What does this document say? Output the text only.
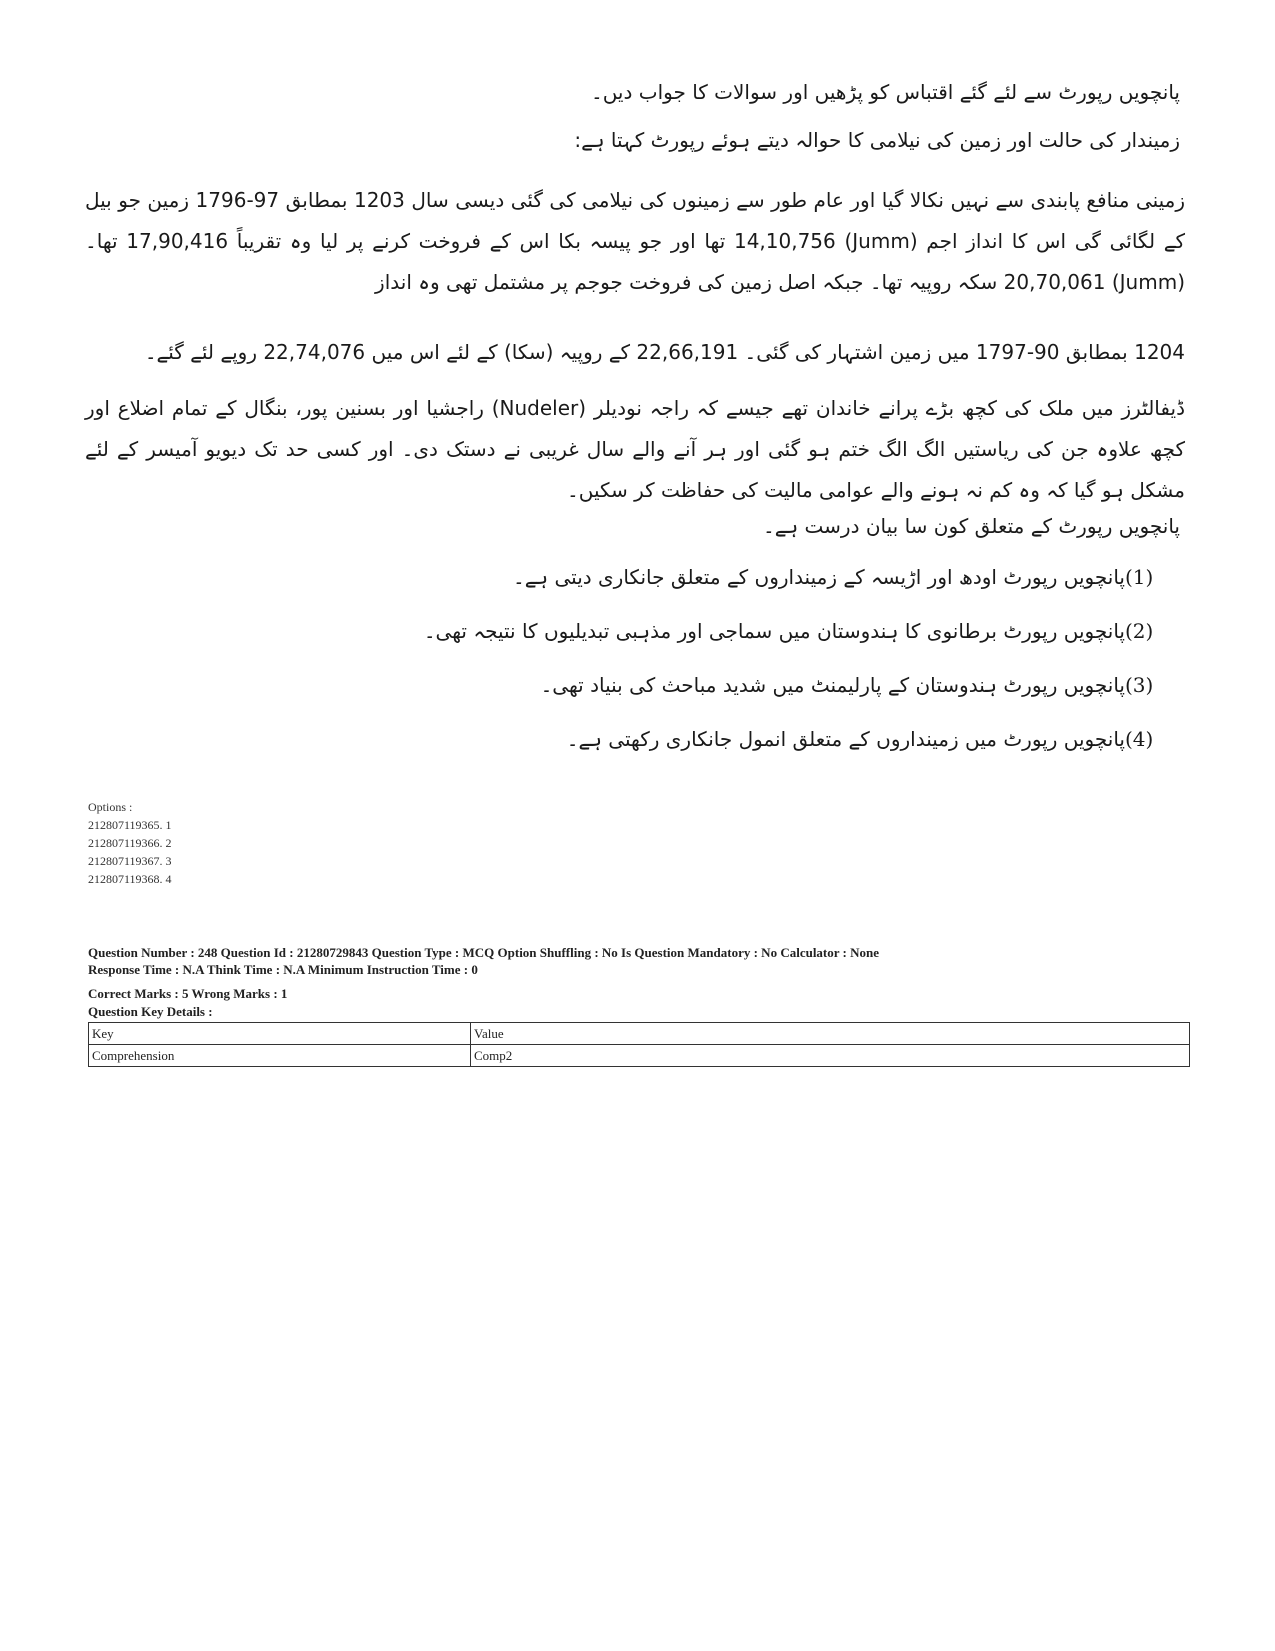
پانچویں رپورٹ سے لئے گئے اقتباس کو پڑھیں اور سوالات کا جواب دیں۔
زمیندار کی حالت اور زمین کی نیلامی کا حوالہ دیتے ہوئے رپورٹ کہتا ہے:
زمینی منافع پابندی سے نہیں نکالا گیا اور عام طور سے زمینوں کی نیلامی کی گئی دیسی سال 1203 بمطابق 97-1796 زمین جو بیل کے لگائی گی اس کا انداز اجم (Jumm) 14,10,756 تھا اور جو پیسہ بکا اس کے فروخت کرنے پر لیا وہ تقریباً 17,90,416 تھا۔ (Jumm) 20,70,061 سکہ روپیہ تھا۔ جبکہ اصل زمین کی فروخت جوجم پر مشتمل تھی وہ انداز
1204 بمطابق 90-1797 میں زمین اشتہار کی گئی۔ 22,66,191 کے روپیہ (سکا) کے لئے اس میں 22,74,076 روپے لئے گئے۔
ڈیفالٹرز میں ملک کی کچھ بڑے پرانے خاندان تھے جیسے کہ راجہ نودیلر (Nudeler) راجشیا اور بسنین پور، بنگال کے تمام اضلاع اور کچھ علاوہ جن کی ریاستیں الگ الگ ختم ہو گئی اور ہر آنے والے سال غریبی نے دستک دی۔ اور کسی حد تک دیویو آمیسر کے لئے مشکل ہو گیا کہ وہ کم نہ ہونے والے عوامی مالیت کی حفاظت کر سکیں۔
پانچویں رپورٹ کے متعلق کون سا بیان درست ہے۔
(1)
پانچویں رپورٹ اودھ اور اڑیسہ کے زمینداروں کے متعلق جانکاری دیتی ہے۔
(2)
پانچویں رپورٹ برطانوی کا ہندوستان میں سماجی اور مذہبی تبدیلیوں کا نتیجہ تھی۔
(3)
پانچویں رپورٹ ہندوستان کے پارلیمنٹ میں شدید مباحث کی بنیاد تھی۔
(4)
پانچویں رپورٹ میں زمینداروں کے متعلق انمول جانکاری رکھتی ہے۔
Options :
212807119365. 1
212807119366. 2
212807119367. 3
212807119368. 4
Question Number : 248 Question Id : 21280729843 Question Type : MCQ Option Shuffling : No Is Question Mandatory : No Calculator : None
Response Time : N.A Think Time : N.A Minimum Instruction Time : 0
Correct Marks : 5 Wrong Marks : 1
Question Key Details :
Key	Value
Comprehension	Comp2
